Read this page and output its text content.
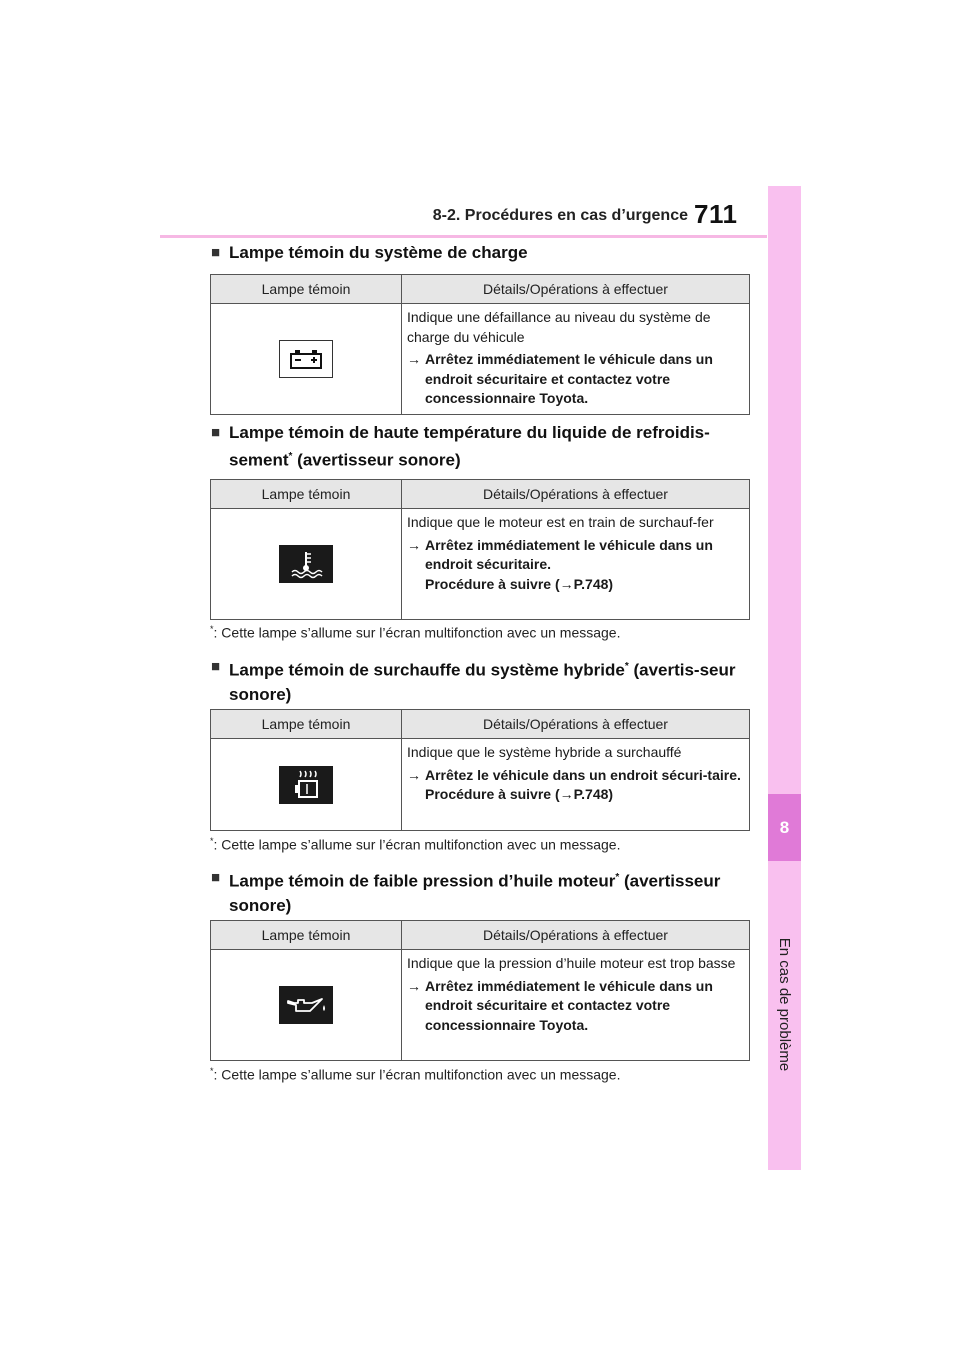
8-2. Procédures en cas d’urgence 711
8
En cas de problème
■ Lampe témoin du système de charge
Lampe témoin	Détails/Opérations à effectuer
Indique une défaillance au niveau du système de charge du véhicule
→ Arrêtez immédiatement le véhicule dans un endroit sécuritaire et contactez votre concessionnaire Toyota.
■ Lampe témoin de haute température du liquide de refroidis-sement* (avertisseur sonore)
Lampe témoin	Détails/Opérations à effectuer
Indique que le moteur est en train de surchauf-fer
→ Arrêtez immédiatement le véhicule dans un endroit sécuritaire.
Procédure à suivre (→P.748)
*: Cette lampe s’allume sur l’écran multifonction avec un message.
■ Lampe témoin de surchauffe du système hybride* (avertis-seur sonore)
Lampe témoin	Détails/Opérations à effectuer
Indique que le système hybride a surchauffé
→ Arrêtez le véhicule dans un endroit sécuri-taire.
Procédure à suivre (→P.748)
*: Cette lampe s’allume sur l’écran multifonction avec un message.
■ Lampe témoin de faible pression d’huile moteur* (avertisseur sonore)
Lampe témoin	Détails/Opérations à effectuer
Indique que la pression d’huile moteur est trop basse
→ Arrêtez immédiatement le véhicule dans un endroit sécuritaire et contactez votre concessionnaire Toyota.
*: Cette lampe s’allume sur l’écran multifonction avec un message.
